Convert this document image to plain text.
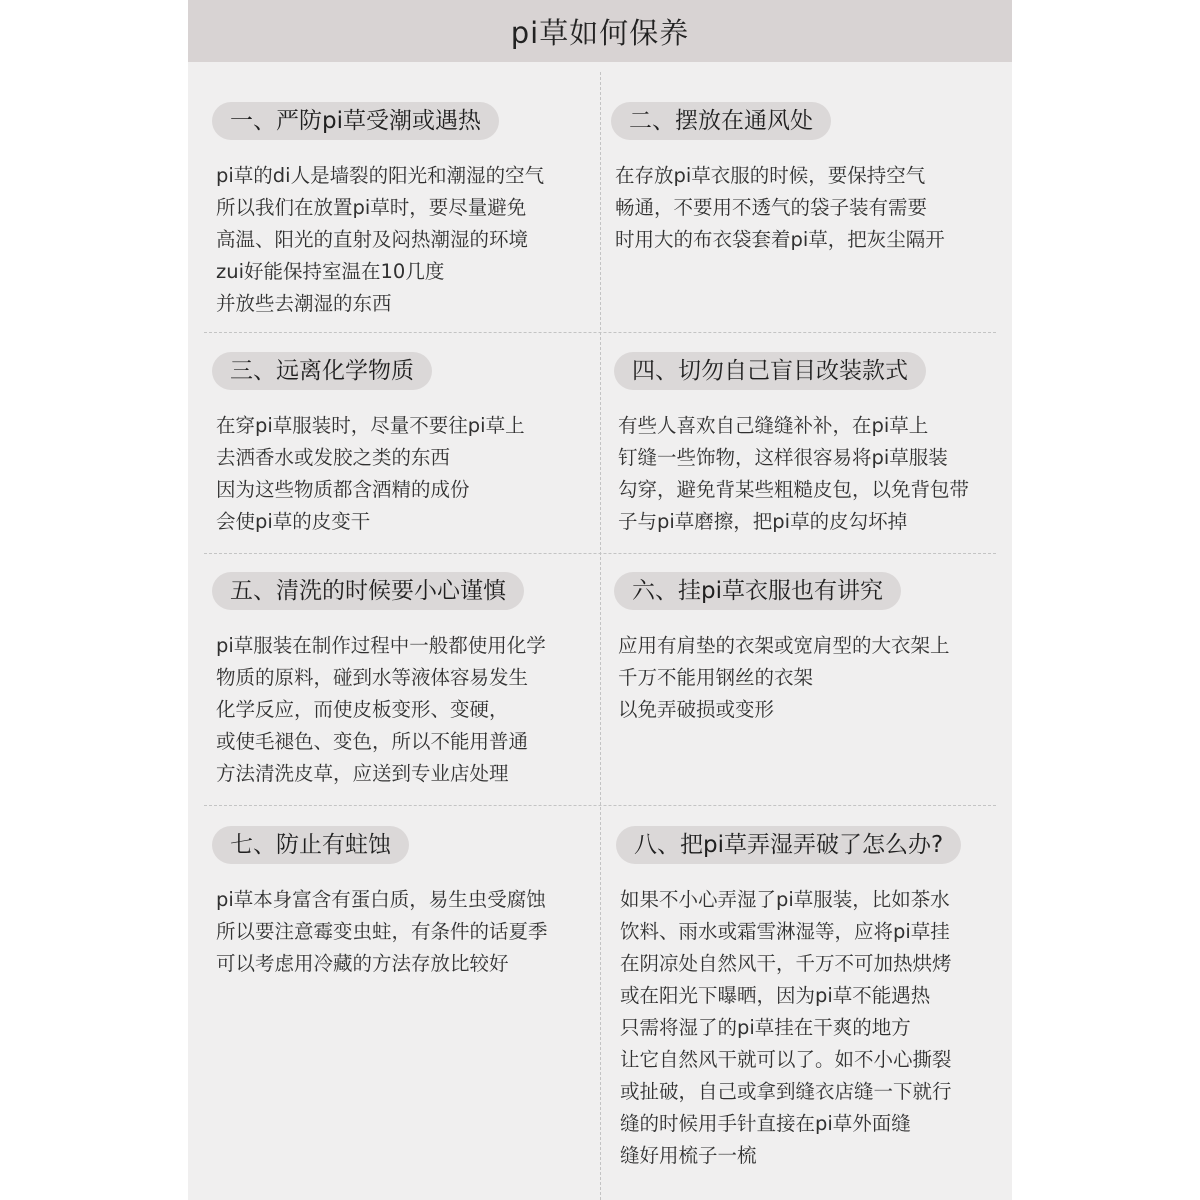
pi草如何保养
一、严防pi草受潮或遇热
pi草的di人是墙裂的阳光和潮湿的空气
所以我们在放置pi草时，要尽量避免
高温、阳光的直射及闷热潮湿的环境
zui好能保持室温在10几度
并放些去潮湿的东西
二、摆放在通风处
在存放pi草衣服的时候，要保持空气
畅通，不要用不透气的袋子装有需要
时用大的布衣袋套着pi草，把灰尘隔开
三、远离化学物质
在穿pi草服装时，尽量不要往pi草上
去洒香水或发胶之类的东西
因为这些物质都含酒精的成份
会使pi草的皮变干
四、切勿自己盲目改装款式
有些人喜欢自己缝缝补补，在pi草上
钉缝一些饰物，这样很容易将pi草服装
勾穿，避免背某些粗糙皮包，以免背包带
子与pi草磨擦，把pi草的皮勾坏掉
五、清洗的时候要小心谨慎
pi草服装在制作过程中一般都使用化学
物质的原料，碰到水等液体容易发生
化学反应，而使皮板变形、变硬，
或使毛褪色、变色，所以不能用普通
方法清洗皮草，应送到专业店处理
六、挂pi草衣服也有讲究
应用有肩垫的衣架或宽肩型的大衣架上
千万不能用钢丝的衣架
以免弄破损或变形
七、防止有蛀蚀
pi草本身富含有蛋白质，易生虫受腐蚀
所以要注意霉变虫蛀，有条件的话夏季
可以考虑用冷藏的方法存放比较好
八、把pi草弄湿弄破了怎么办?
如果不小心弄湿了pi草服装，比如茶水
饮料、雨水或霜雪淋湿等，应将pi草挂
在阴凉处自然风干，千万不可加热烘烤
或在阳光下曝晒，因为pi草不能遇热
只需将湿了的pi草挂在干爽的地方
让它自然风干就可以了。如不小心撕裂
或扯破，自己或拿到缝衣店缝一下就行
缝的时候用手针直接在pi草外面缝
缝好用梳子一梳
